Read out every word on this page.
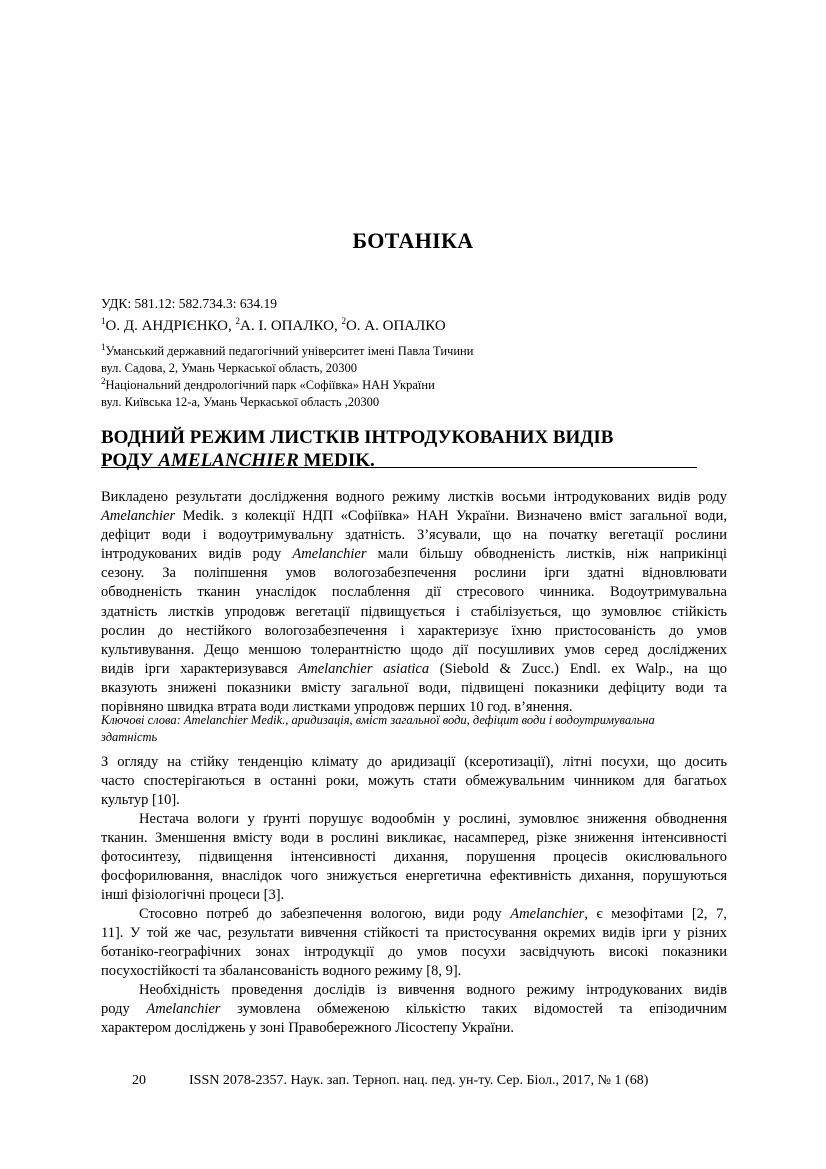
БОТАНІКА
УДК: 581.12: 582.734.3: 634.19
$^1$О. Д. АНДРІЄНКО, $^2$А. І. ОПАЛКО, $^2$О. А. ОПАЛКО
$^1$Уманський державний педагогічний університет імені Павла Тичини
вул. Садова, 2, Умань Черкаської область, 20300
$^2$Національний дендрологічний парк «Софіївка» НАН України
вул. Київська 12-а, Умань Черкаської область ,20300
ВОДНИЙ РЕЖИМ ЛИСТКІВ ІНТРОДУКОВАНИХ ВИДІВ
РОДУ AMELANCHIER MEDIK.
Викладено результати дослідження водного режиму листків восьми інтродукованих видів роду
Amelanchier Medik. з колекції НДП «Софіївка» НАН України. Визначено вміст загальної води,
дефіцит води і водоутримувальну здатність. З’ясували, що на початку вегетації рослини
інтродукованих видів роду Amelanchier мали більшу обводненість листків, ніж наприкінці
сезону. За поліпшення умов вологозабезпечення рослини ірги здатні відновлювати
обводненість тканин унаслідок послаблення дії стресового чинника. Водоутримувальна
здатність листків упродовж вегетації підвищується і стабілізується, що зумовлює стійкість
рослин до нестійкого вологозабезпечення і характеризує їхню пристосованість до умов
культивування. Дещо меншою толерантністю щодо дії посушливих умов серед досліджених
видів ірги характеризувався Amelanchier asiatica (Siebold & Zucc.) Endl. ex Walp., на що
вказують знижені показники вмісту загальної води, підвищені показники дефіциту води та
порівняно швидка втрата води листками упродовж перших 10 год. в’янення.
Ключові слова: Amelanchier Medik., аридизація, вміст загальної води, дефіцит води і водоутримувальна
здатність
З огляду на стійку тенденцію клімату до аридизації (ксеротизації), літні посухи, що досить
часто спостерігаються в останні роки, можуть стати обмежувальним чинником для багатьох
культур [10].
Нестача вологи у ґрунті порушує водообмін у рослині, зумовлює зниження обводнення
тканин. Зменшення вмісту води в рослині викликає, насамперед, різке зниження інтенсивності
фотосинтезу, підвищення інтенсивності дихання, порушення процесів окислювального
фосфорилювання, внаслідок чого знижується енергетична ефективність дихання, порушуються
інші фізіологічні процеси [3].
Стосовно потреб до забезпечення вологою, види роду Amelanchier, є мезофітами [2, 7,
11]. У той же час, результати вивчення стійкості та пристосування окремих видів ірги у різних
ботаніко-географічних зонах інтродукції до умов посухи засвідчують високі показники
посухостійкості та збалансованість водного режиму [8, 9].
Необхідність проведення дослідів із вивчення водного режиму інтродукованих видів
роду Amelanchier зумовлена обмеженою кількістю таких відомостей та епізодичним
характером досліджень у зоні Правобережного Лісостепу України.
20	ISSN 2078-2357. Наук. зап. Терноп. нац. пед. ун-ту. Сер. Біол., 2017, № 1 (68)
